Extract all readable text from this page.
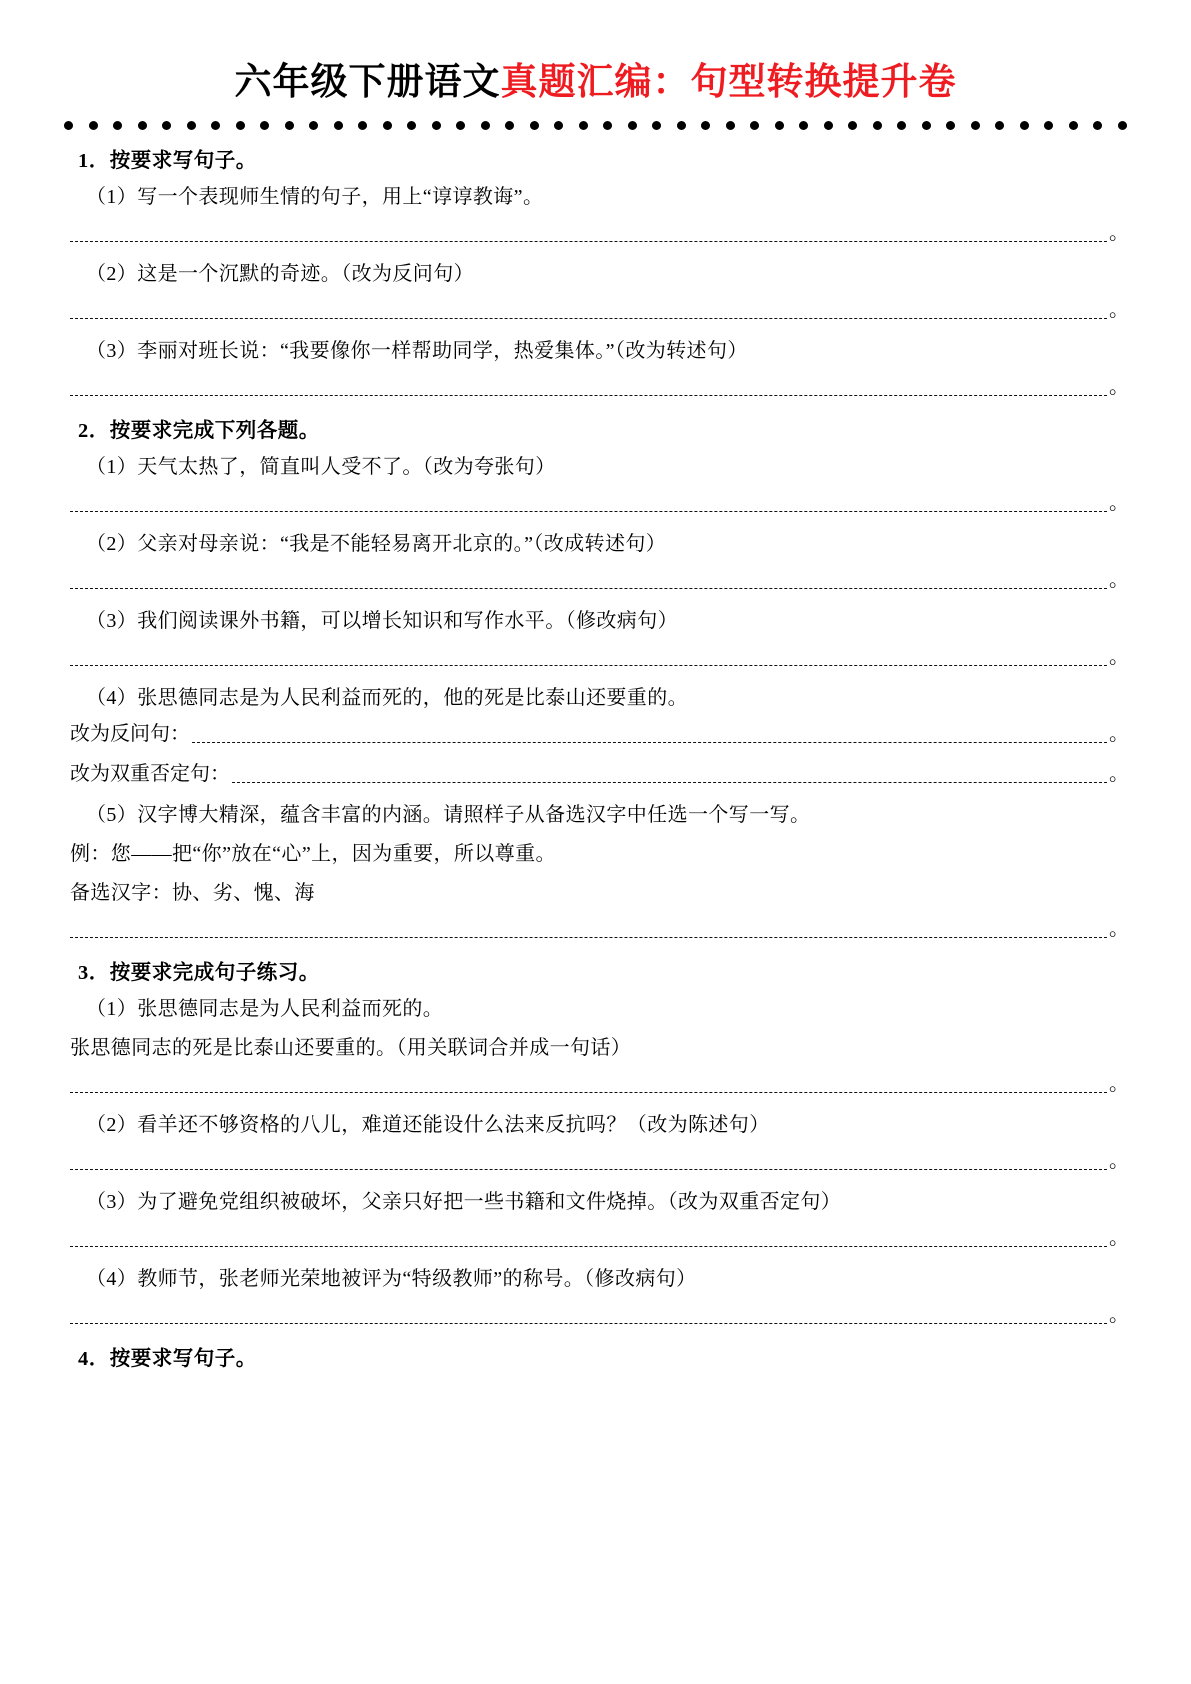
六年级下册语文真题汇编：句型转换提升卷
1．按要求写句子。
（1）写一个表现师生情的句子，用上“谆谆教诲”。
。
（2）这是一个沉默的奇迹。（改为反问句）
。
（3）李丽对班长说：“我要像你一样帮助同学，热爱集体。”（改为转述句）
。
2．按要求完成下列各题。
（1）天气太热了，简直叫人受不了。（改为夸张句）
。
（2）父亲对母亲说：“我是不能轻易离开北京的。”（改成转述句）
。
（3）我们阅读课外书籍，可以增长知识和写作水平。（修改病句）
。
（4）张思德同志是为人民利益而死的，他的死是比泰山还要重的。
改为反问句：	。
改为双重否定句：	。
（5）汉字博大精深，蕴含丰富的内涵。请照样子从备选汉字中任选一个写一写。
例：您——把“你”放在“心”上，因为重要，所以尊重。
备选汉字：协、劣、愧、海
。
3．按要求完成句子练习。
（1）张思德同志是为人民利益而死的。
张思德同志的死是比泰山还要重的。（用关联词合并成一句话）
。
（2）看羊还不够资格的八儿，难道还能设什么法来反抗吗？（改为陈述句）
。
（3）为了避免党组织被破坏，父亲只好把一些书籍和文件烧掉。（改为双重否定句）
。
（4）教师节，张老师光荣地被评为“特级教师”的称号。（修改病句）
。
4．按要求写句子。
